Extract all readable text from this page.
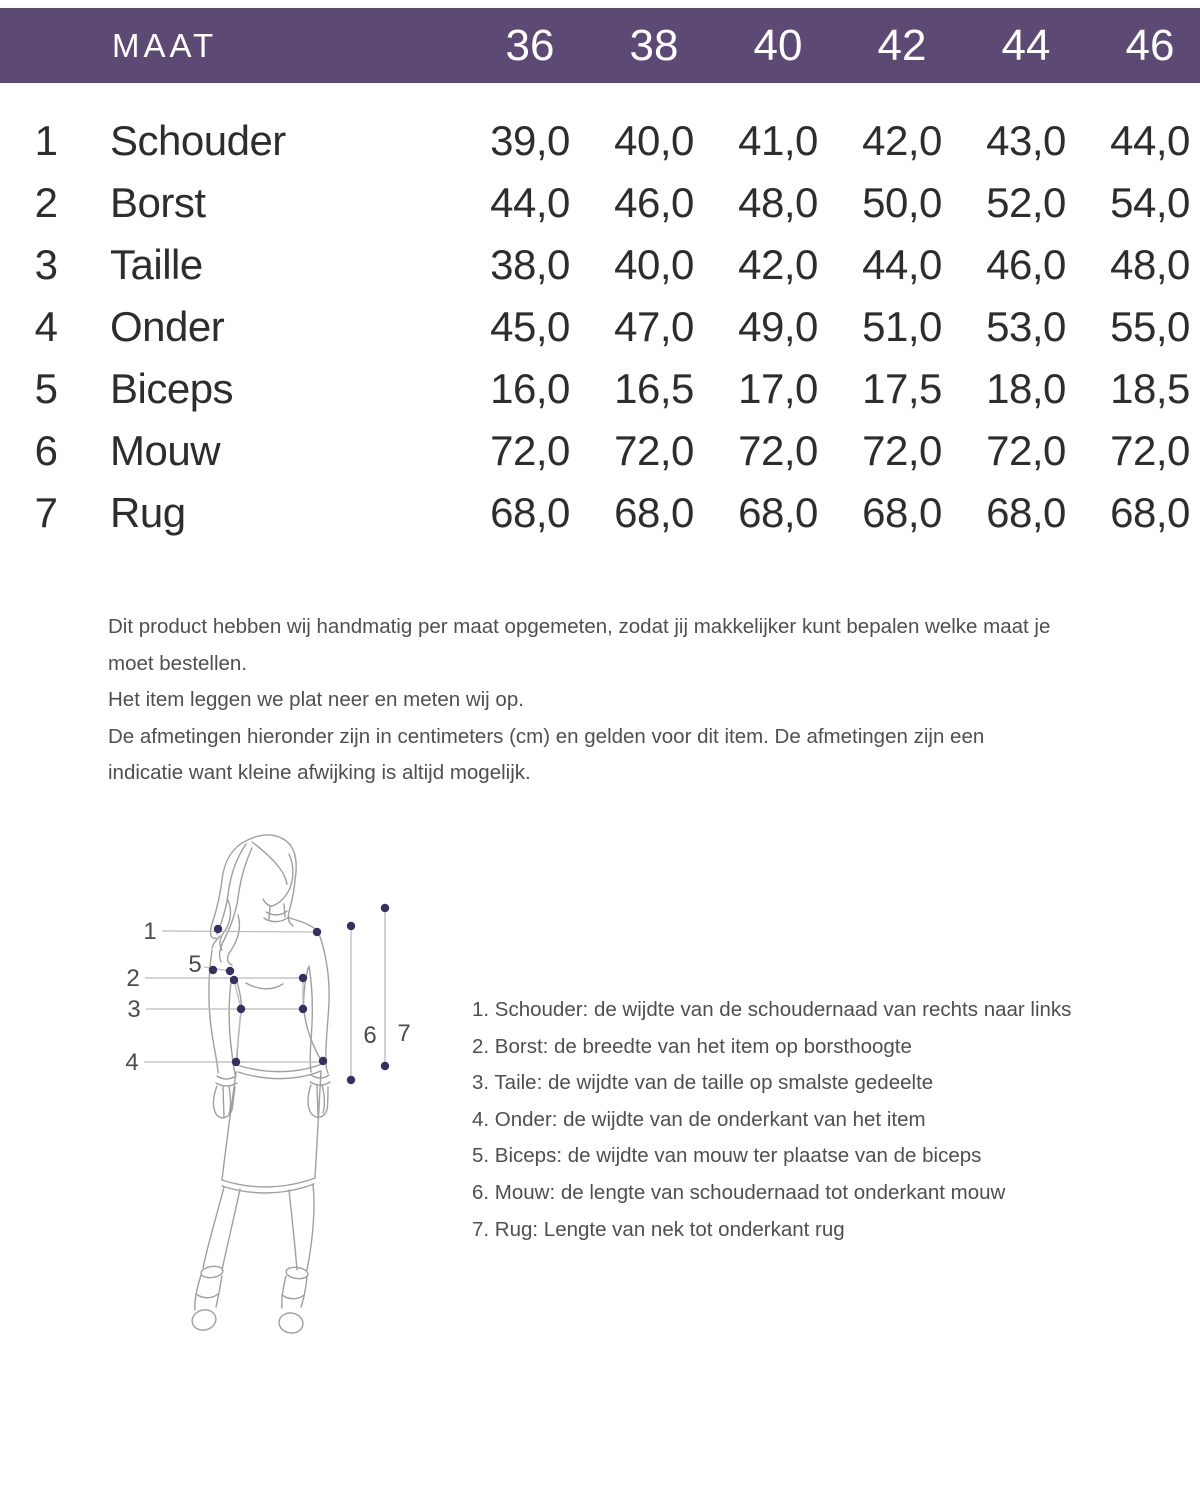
MAAT	36	38	40	42	44	46
1	Schouder	39,0	40,0	41,0	42,0	43,0	44,0
2	Borst	44,0	46,0	48,0	50,0	52,0	54,0
3	Taille	38,0	40,0	42,0	44,0	46,0	48,0
4	Onder	45,0	47,0	49,0	51,0	53,0	55,0
5	Biceps	16,0	16,5	17,0	17,5	18,0	18,5
6	Mouw	72,0	72,0	72,0	72,0	72,0	72,0
7	Rug	68,0	68,0	68,0	68,0	68,0	68,0
Dit product hebben wij handmatig per maat opgemeten, zodat jij makkelijker kunt bepalen welke maat je
moet bestellen.
Het item leggen we plat neer en meten wij op.
De afmetingen hieronder zijn in centimeters (cm) en gelden voor dit item. De afmetingen zijn een
indicatie want kleine afwijking is altijd mogelijk.
1
2
3
4
5
6 7
1. Schouder: de wijdte van de schoudernaad van rechts naar links
2. Borst: de breedte van het item op borsthoogte
3. Taile: de wijdte van de taille op smalste gedeelte
4. Onder: de wijdte van de onderkant van het item
5. Biceps: de wijdte van mouw ter plaatse van de biceps
6. Mouw: de lengte van schoudernaad tot onderkant mouw
7. Rug: Lengte van nek tot onderkant rug
